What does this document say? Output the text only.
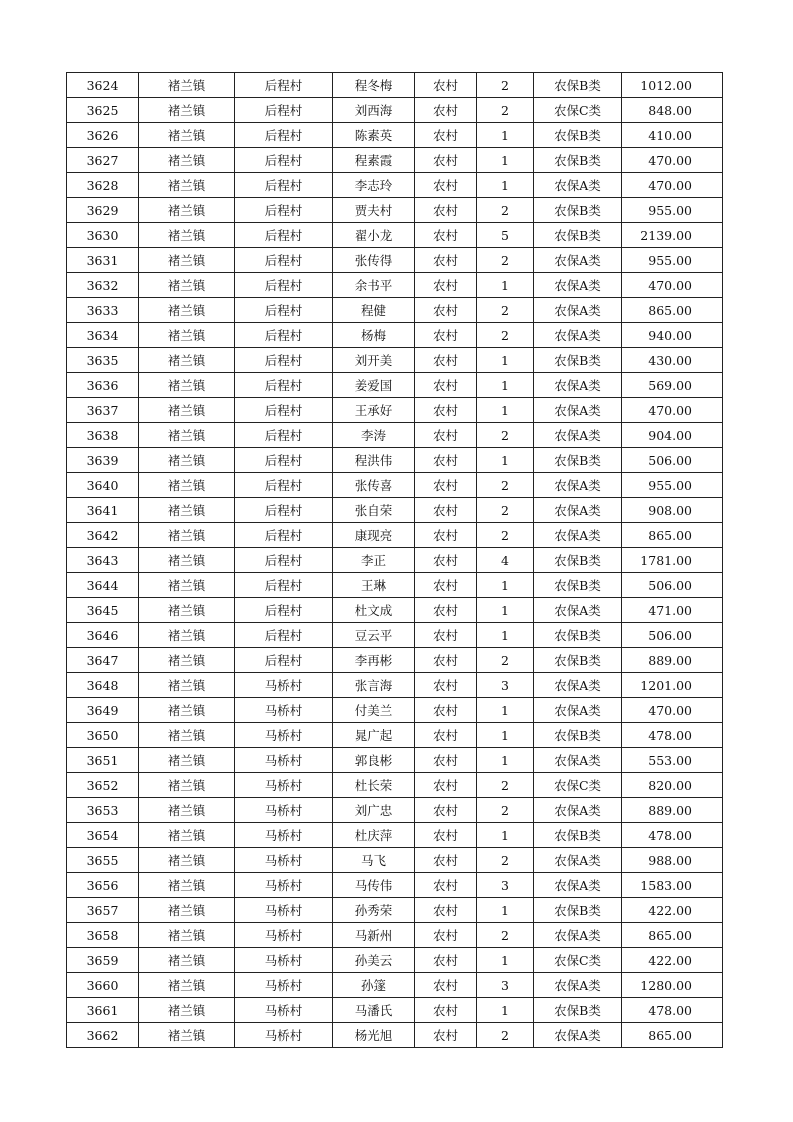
3624	褚兰镇	后程村	程冬梅	农村	2	农保B类	1012.00
3625	褚兰镇	后程村	刘西海	农村	2	农保C类	848.00
3626	褚兰镇	后程村	陈素英	农村	1	农保B类	410.00
3627	褚兰镇	后程村	程素霞	农村	1	农保B类	470.00
3628	褚兰镇	后程村	李志玲	农村	1	农保A类	470.00
3629	褚兰镇	后程村	贾夫村	农村	2	农保B类	955.00
3630	褚兰镇	后程村	翟小龙	农村	5	农保B类	2139.00
3631	褚兰镇	后程村	张传得	农村	2	农保A类	955.00
3632	褚兰镇	后程村	余书平	农村	1	农保A类	470.00
3633	褚兰镇	后程村	程健	农村	2	农保A类	865.00
3634	褚兰镇	后程村	杨梅	农村	2	农保A类	940.00
3635	褚兰镇	后程村	刘开美	农村	1	农保B类	430.00
3636	褚兰镇	后程村	姜爱国	农村	1	农保A类	569.00
3637	褚兰镇	后程村	王承好	农村	1	农保A类	470.00
3638	褚兰镇	后程村	李涛	农村	2	农保A类	904.00
3639	褚兰镇	后程村	程洪伟	农村	1	农保B类	506.00
3640	褚兰镇	后程村	张传喜	农村	2	农保A类	955.00
3641	褚兰镇	后程村	张自荣	农村	2	农保A类	908.00
3642	褚兰镇	后程村	康现亮	农村	2	农保A类	865.00
3643	褚兰镇	后程村	李正	农村	4	农保B类	1781.00
3644	褚兰镇	后程村	王琳	农村	1	农保B类	506.00
3645	褚兰镇	后程村	杜文成	农村	1	农保A类	471.00
3646	褚兰镇	后程村	豆云平	农村	1	农保B类	506.00
3647	褚兰镇	后程村	李再彬	农村	2	农保B类	889.00
3648	褚兰镇	马桥村	张言海	农村	3	农保A类	1201.00
3649	褚兰镇	马桥村	付美兰	农村	1	农保A类	470.00
3650	褚兰镇	马桥村	晁广起	农村	1	农保B类	478.00
3651	褚兰镇	马桥村	郭良彬	农村	1	农保A类	553.00
3652	褚兰镇	马桥村	杜长荣	农村	2	农保C类	820.00
3653	褚兰镇	马桥村	刘广忠	农村	2	农保A类	889.00
3654	褚兰镇	马桥村	杜庆萍	农村	1	农保B类	478.00
3655	褚兰镇	马桥村	马飞	农村	2	农保A类	988.00
3656	褚兰镇	马桥村	马传伟	农村	3	农保A类	1583.00
3657	褚兰镇	马桥村	孙秀荣	农村	1	农保B类	422.00
3658	褚兰镇	马桥村	马新州	农村	2	农保A类	865.00
3659	褚兰镇	马桥村	孙美云	农村	1	农保C类	422.00
3660	褚兰镇	马桥村	孙篴	农村	3	农保A类	1280.00
3661	褚兰镇	马桥村	马潘氏	农村	1	农保B类	478.00
3662	褚兰镇	马桥村	杨光旭	农村	2	农保A类	865.00
